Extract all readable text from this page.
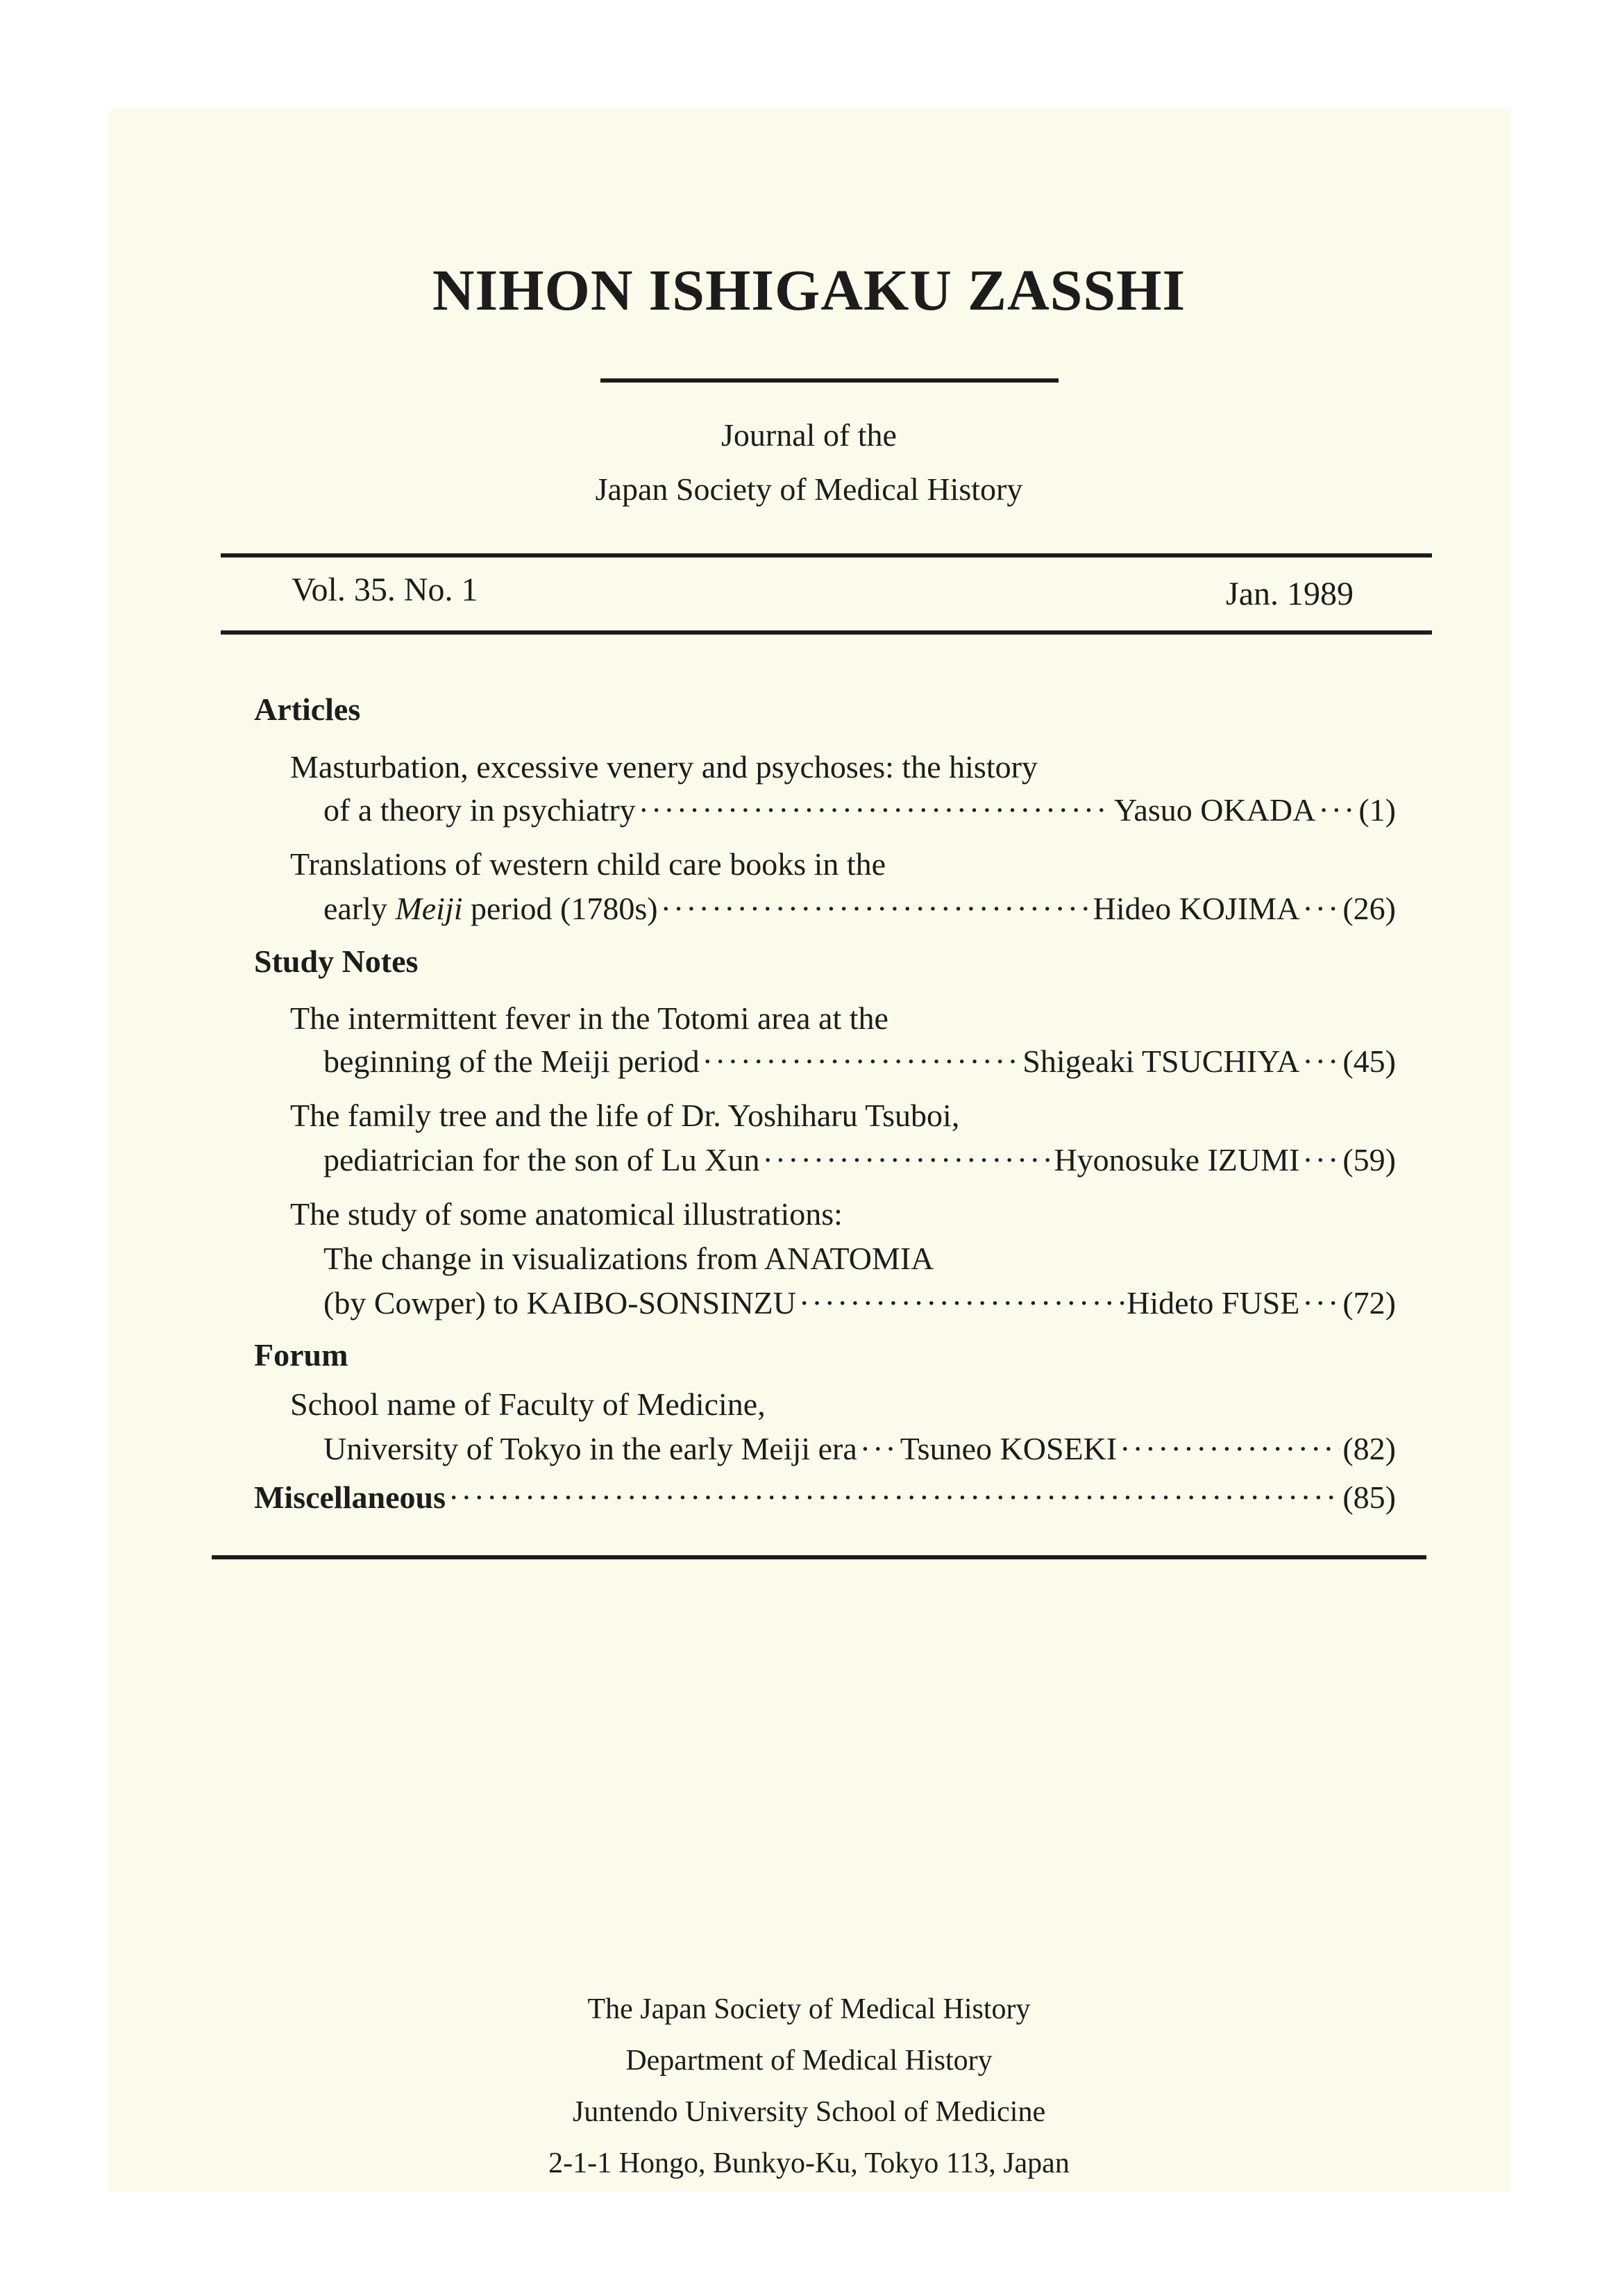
NIHON ISHIGAKU ZASSHI
Journal of the
Japan Society of Medical History
Vol. 35. No. 1	Jan. 1989
Articles
Masturbation, excessive venery and psychoses: the history
of a theory in psychiatry ·····	Yasuo OKADA ····· (1)
Translations of western child care books in the
early Meiji period (1780s) ·····	Hideo KOJIMA ····· (26)
Study Notes
The intermittent fever in the Totomi area at the
beginning of the Meiji period ·····	Shigeaki TSUCHIYA ····· (45)
The family tree and the life of Dr. Yoshiharu Tsuboi,
pediatrician for the son of Lu Xun ·····	Hyonosuke IZUMI ····· (59)
The study of some anatomical illustrations:
The change in visualizations from ANATOMIA
(by Cowper) to KAIBO-SONSINZU ·····	Hideto FUSE ····· (72)
Forum
School name of Faculty of Medicine,
University of Tokyo in the early Meiji era ····· Tsuneo KOSEKI ·····	(82)
Miscellaneous ·····	(85)
The Japan Society of Medical History
Department of Medical History
Juntendo University School of Medicine
2-1-1 Hongo, Bunkyo-Ku, Tokyo 113, Japan
